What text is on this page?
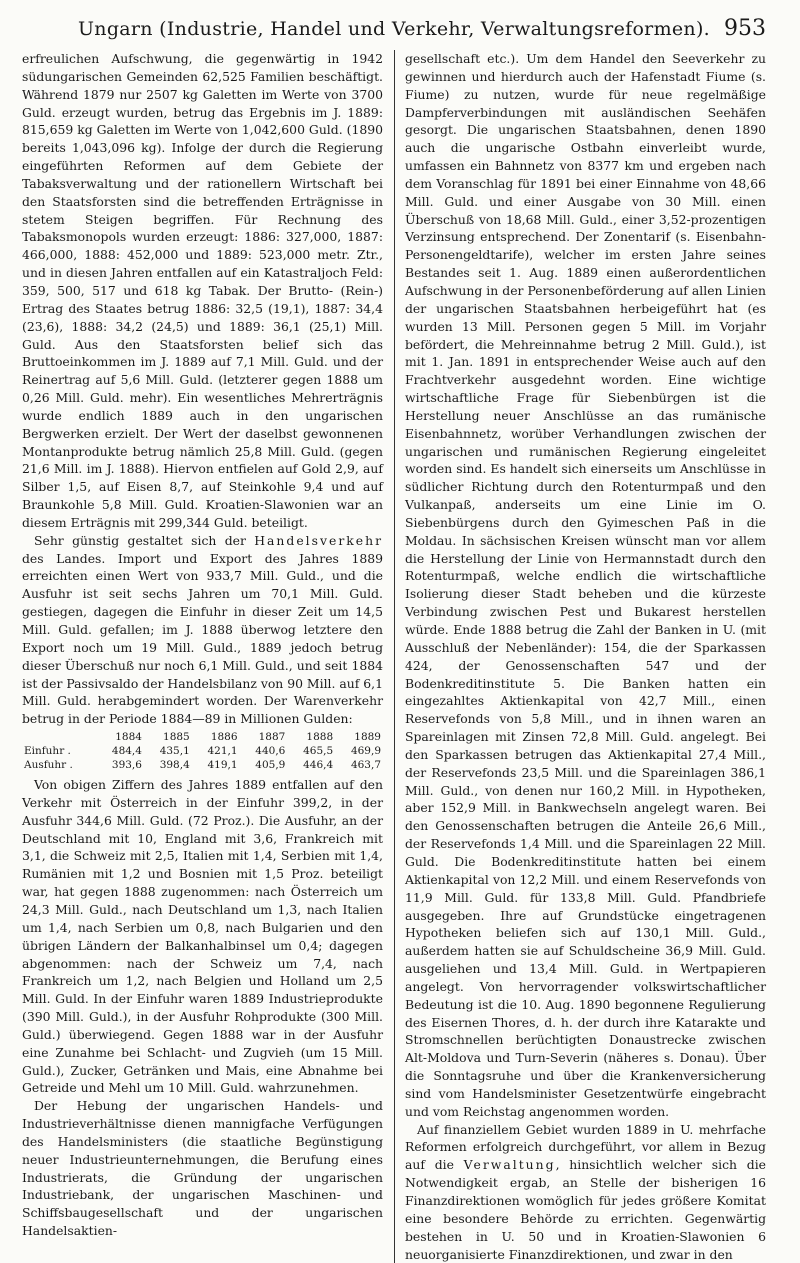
Ungarn (Industrie, Handel und Verkehr, Verwaltungsreformen). 953

erfreulichen Aufschwung, die gegenwärtig in 1942 südungarischen Gemeinden 62,525 Familien beschäftigt. Während 1879 nur 2507 kg Galetten im Werte von 3700 Guld. erzeugt wurden, betrug das Ergebnis im J. 1889: 815,659 kg Galetten im Werte von 1,042,600 Guld. (1890 bereits 1,043,096 kg). Infolge der durch die Regierung eingeführten Reformen auf dem Gebiete der Tabaksverwaltung und der rationellern Wirtschaft bei den Staatsforsten sind die betreffenden Erträgnisse in stetem Steigen begriffen. Für Rechnung des Tabaksmonopols wurden erzeugt: 1886: 327,000, 1887: 466,000, 1888: 452,000 und 1889: 523,000 metr. Ztr., und in diesen Jahren entfallen auf ein Katastraljoch Feld: 359, 500, 517 und 618 kg Tabak. Der Brutto- (Rein-) Ertrag des Staates betrug 1886: 32,5 (19,1), 1887: 34,4 (23,6), 1888: 34,2 (24,5) und 1889: 36,1 (25,1) Mill. Guld. Aus den Staatsforsten belief sich das Bruttoeinkommen im J. 1889 auf 7,1 Mill. Guld. und der Reinertrag auf 5,6 Mill. Guld. (letzterer gegen 1888 um 0,26 Mill. Guld. mehr). Ein wesentliches Mehrerträgnis wurde endlich 1889 auch in den ungarischen Bergwerken erzielt. Der Wert der daselbst gewonnenen Montanprodukte betrug nämlich 25,8 Mill. Guld. (gegen 21,6 Mill. im J. 1888). Hiervon entfielen auf Gold 2,9, auf Silber 1,5, auf Eisen 8,7, auf Steinkohle 9,4 und auf Braunkohle 5,8 Mill. Guld. Kroatien-Slawonien war an diesem Erträgnis mit 299,344 Guld. beteiligt.

Sehr günstig gestaltet sich der Handelsverkehr des Landes. Import und Export des Jahres 1889 erreichten einen Wert von 933,7 Mill. Guld., und die Ausfuhr ist seit sechs Jahren um 70,1 Mill. Guld. gestiegen, dagegen die Einfuhr in dieser Zeit um 14,5 Mill. Guld. gefallen; im J. 1888 überwog letztere den Export noch um 19 Mill. Guld., 1889 jedoch betrug dieser Überschuß nur noch 6,1 Mill. Guld., und seit 1884 ist der Passivsaldo der Handelsbilanz von 90 Mill. auf 6,1 Mill. Guld. herabgemindert worden. Der Warenverkehr betrug in der Periode 1884—89 in Millionen Gulden:

	1884	1885	1886	1887	1888	1889
Einfuhr .	484,4	435,1	421,1	440,6	465,5	469,9
Ausfuhr .	393,6	398,4	419,1	405,9	446,4	463,7

Von obigen Ziffern des Jahres 1889 entfallen auf den Verkehr mit Österreich in der Einfuhr 399,2, in der Ausfuhr 344,6 Mill. Guld. (72 Proz.). Die Ausfuhr, an der Deutschland mit 10, England mit 3,6, Frankreich mit 3,1, die Schweiz mit 2,5, Italien mit 1,4, Serbien mit 1,4, Rumänien mit 1,2 und Bosnien mit 1,5 Proz. beteiligt war, hat gegen 1888 zugenommen: nach Österreich um 24,3 Mill. Guld., nach Deutschland um 1,3, nach Italien um 1,4, nach Serbien um 0,8, nach Bulgarien und den übrigen Ländern der Balkanhalbinsel um 0,4; dagegen abgenommen: nach der Schweiz um 7,4, nach Frankreich um 1,2, nach Belgien und Holland um 2,5 Mill. Guld. In der Einfuhr waren 1889 Industrieprodukte (390 Mill. Guld.), in der Ausfuhr Rohprodukte (300 Mill. Guld.) überwiegend. Gegen 1888 war in der Ausfuhr eine Zunahme bei Schlacht- und Zugvieh (um 15 Mill. Guld.), Zucker, Getränken und Mais, eine Abnahme bei Getreide und Mehl um 10 Mill. Guld. wahrzunehmen.

Der Hebung der ungarischen Handels- und Industrieverhältnisse dienen mannigfache Verfügungen des Handelsministers (die staatliche Begünstigung neuer Industrieunternehmungen, die Berufung eines Industrierats, die Gründung der ungarischen Industriebank, der ungarischen Maschinen- und Schiffsbaugesellschaft und der ungarischen Handelsaktien-

gesellschaft etc.). Um dem Handel den Seeverkehr zu gewinnen und hierdurch auch der Hafenstadt Fiume (s. Fiume) zu nutzen, wurde für neue regelmäßige Dampferverbindungen mit ausländischen Seehäfen gesorgt. Die ungarischen Staatsbahnen, denen 1890 auch die ungarische Ostbahn einverleibt wurde, umfassen ein Bahnnetz von 8377 km und ergeben nach dem Voranschlag für 1891 bei einer Einnahme von 48,66 Mill. Guld. und einer Ausgabe von 30 Mill. einen Überschuß von 18,68 Mill. Guld., einer 3,52-prozentigen Verzinsung entsprechend. Der Zonentarif (s. Eisenbahn-Personengeldtarife), welcher im ersten Jahre seines Bestandes seit 1. Aug. 1889 einen außerordentlichen Aufschwung in der Personenbeförderung auf allen Linien der ungarischen Staatsbahnen herbeigeführt hat (es wurden 13 Mill. Personen gegen 5 Mill. im Vorjahr befördert, die Mehreinnahme betrug 2 Mill. Guld.), ist mit 1. Jan. 1891 in entsprechender Weise auch auf den Frachtverkehr ausgedehnt worden. Eine wichtige wirtschaftliche Frage für Siebenbürgen ist die Herstellung neuer Anschlüsse an das rumänische Eisenbahnnetz, worüber Verhandlungen zwischen der ungarischen und rumänischen Regierung eingeleitet worden sind. Es handelt sich einerseits um Anschlüsse in südlicher Richtung durch den Rotenturmpaß und den Vulkanpaß, anderseits um eine Linie im O. Siebenbürgens durch den Gyimeschen Paß in die Moldau. In sächsischen Kreisen wünscht man vor allem die Herstellung der Linie von Hermannstadt durch den Rotenturmpaß, welche endlich die wirtschaftliche Isolierung dieser Stadt beheben und die kürzeste Verbindung zwischen Pest und Bukarest herstellen würde. Ende 1888 betrug die Zahl der Banken in U. (mit Ausschluß der Nebenländer): 154, die der Sparkassen 424, der Genossenschaften 547 und der Bodenkreditinstitute 5. Die Banken hatten ein eingezahltes Aktienkapital von 42,7 Mill., einen Reservefonds von 5,8 Mill., und in ihnen waren an Spareinlagen mit Zinsen 72,8 Mill. Guld. angelegt. Bei den Sparkassen betrugen das Aktienkapital 27,4 Mill., der Reservefonds 23,5 Mill. und die Spareinlagen 386,1 Mill. Guld., von denen nur 160,2 Mill. in Hypotheken, aber 152,9 Mill. in Bankwechseln angelegt waren. Bei den Genossenschaften betrugen die Anteile 26,6 Mill., der Reservefonds 1,4 Mill. und die Spareinlagen 22 Mill. Guld. Die Bodenkreditinstitute hatten bei einem Aktienkapital von 12,2 Mill. und einem Reservefonds von 11,9 Mill. Guld. für 133,8 Mill. Guld. Pfandbriefe ausgegeben. Ihre auf Grundstücke eingetragenen Hypotheken beliefen sich auf 130,1 Mill. Guld., außerdem hatten sie auf Schuldscheine 36,9 Mill. Guld. ausgeliehen und 13,4 Mill. Guld. in Wertpapieren angelegt. Von hervorragender volkswirtschaftlicher Bedeutung ist die 10. Aug. 1890 begonnene Regulierung des Eisernen Thores, d. h. der durch ihre Katarakte und Stromschnellen berüchtigten Donaustrecke zwischen Alt-Moldova und Turn-Severin (näheres s. Donau). Über die Sonntagsruhe und über die Krankenversicherung sind vom Handelsminister Gesetzentwürfe eingebracht und vom Reichstag angenommen worden.

Auf finanziellem Gebiet wurden 1889 in U. mehrfache Reformen erfolgreich durchgeführt, vor allem in Bezug auf die Verwaltung, hinsichtlich welcher sich die Notwendigkeit ergab, an Stelle der bisherigen 16 Finanzdirektionen womöglich für jedes größere Komitat eine besondere Behörde zu errichten. Gegenwärtig bestehen in U. 50 und in Kroatien-Slawonien 6 neuorganisierte Finanzdirektionen, und zwar in den
